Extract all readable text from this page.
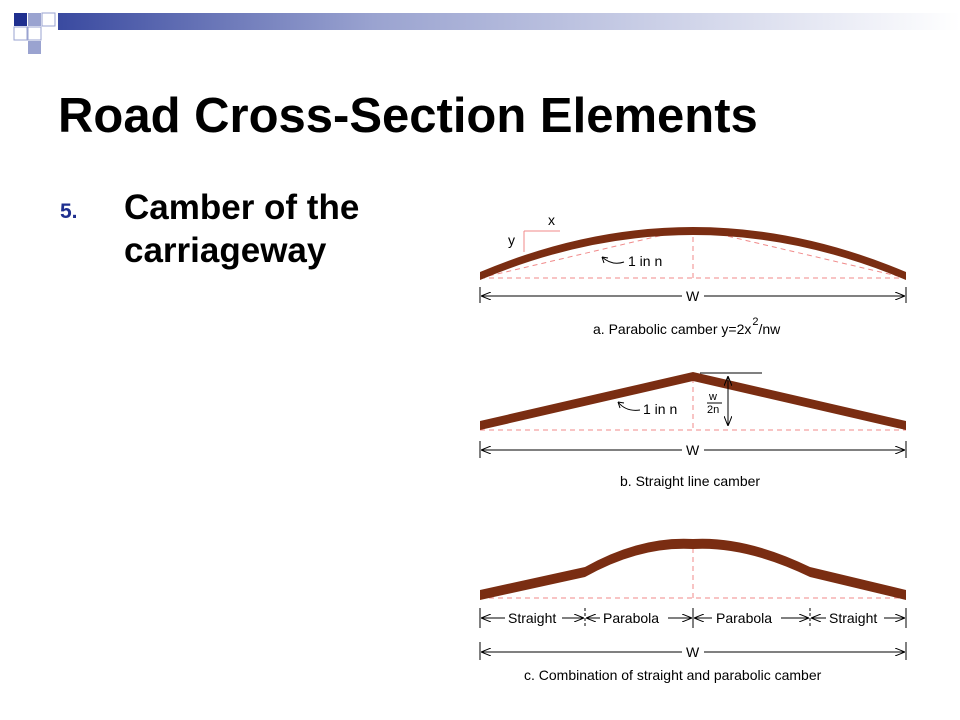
Road Cross-Section Elements
5. Camber of the
carriageway
x
y
1 in n
W
a. Parabolic camber $y=2x^2/nw$
w
2n
1 in n
W
b. Straight line camber
Straight	Parabola	Parabola	Straight
W
c. Combination of straight and parabolic camber
